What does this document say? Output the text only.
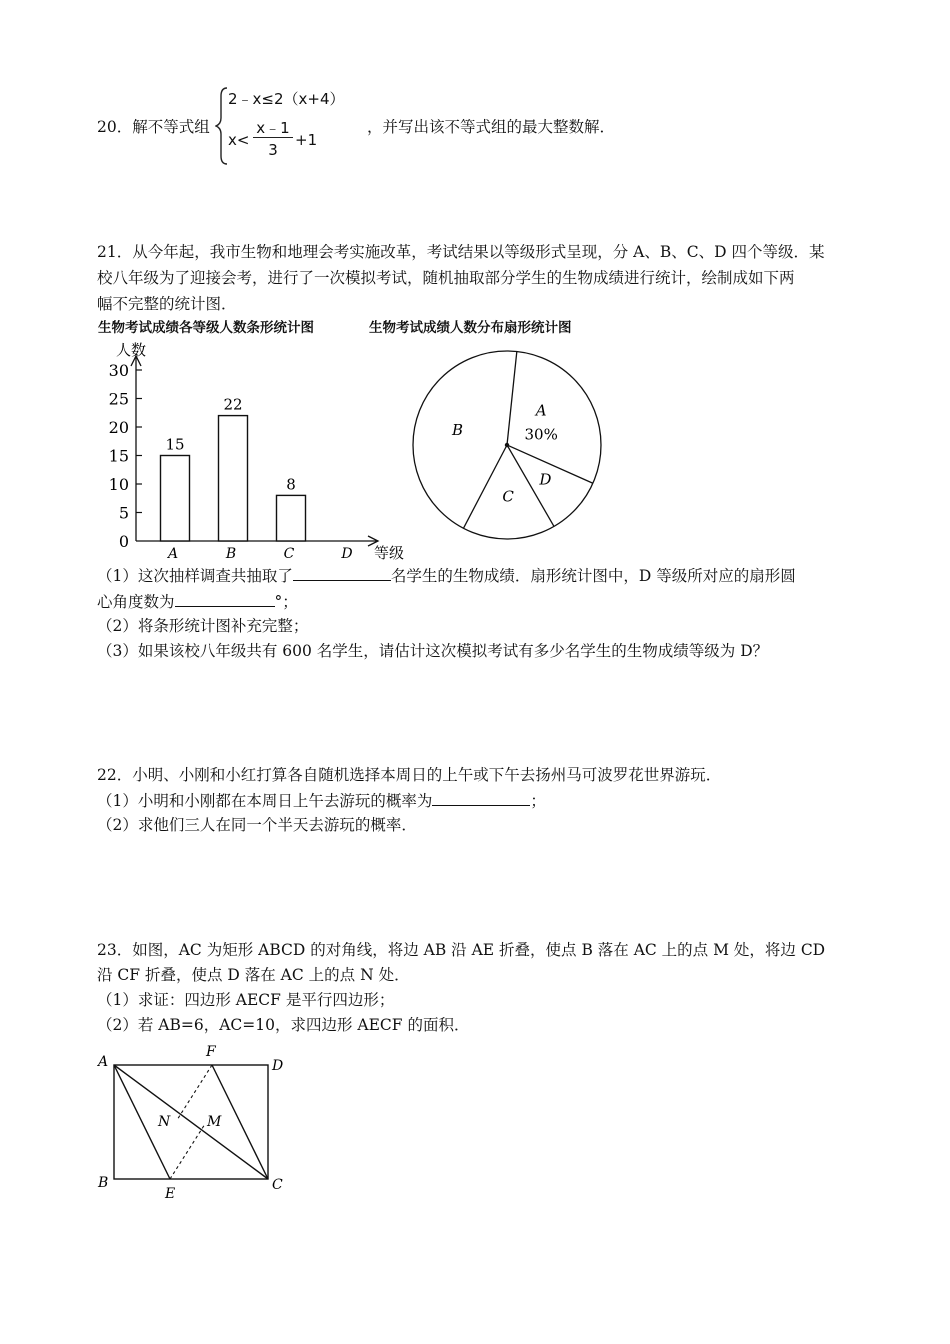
20．解不等式组
2﹣x≤2（x+4）
x<
x﹣1
3
+1
，并写出该不等式组的最大整数解．
21．从今年起，我市生物和地理会考实施改革，考试结果以等级形式呈现，分 A、B、C、D 四个等级．某
校八年级为了迎接会考，进行了一次模拟考试，随机抽取部分学生的生物成绩进行统计，绘制成如下两
幅不完整的统计图．
生物考试成绩各等级人数条形统计图	生物考试成绩人数分布扇形统计图
人数
等级
0
5
10
15
20
25
30
15
A
22
B
8
C	D
A
30%
D
C
B
（1）这次抽样调查共抽取了	名学生的生物成绩．扇形统计图中，D 等级所对应的扇形圆
心角度数为	°；
（2）将条形统计图补充完整；
（3）如果该校八年级共有 600 名学生，请估计这次模拟考试有多少名学生的生物成绩等级为 D？
22．小明、小刚和小红打算各自随机选择本周日的上午或下午去扬州马可波罗花世界游玩．
（1）小明和小刚都在本周日上午去游玩的概率为	；
（2）求他们三人在同一个半天去游玩的概率．
23．如图，AC 为矩形 ABCD 的对角线，将边 AB 沿 AE 折叠，使点 B 落在 AC 上的点 M 处，将边 CD
沿 CF 折叠，使点 D 落在 AC 上的点 N 处．
（1）求证：四边形 AECF 是平行四边形；
（2）若 AB=6，AC=10，求四边形 AECF 的面积．
A
B	C
D
E
F
M
N
